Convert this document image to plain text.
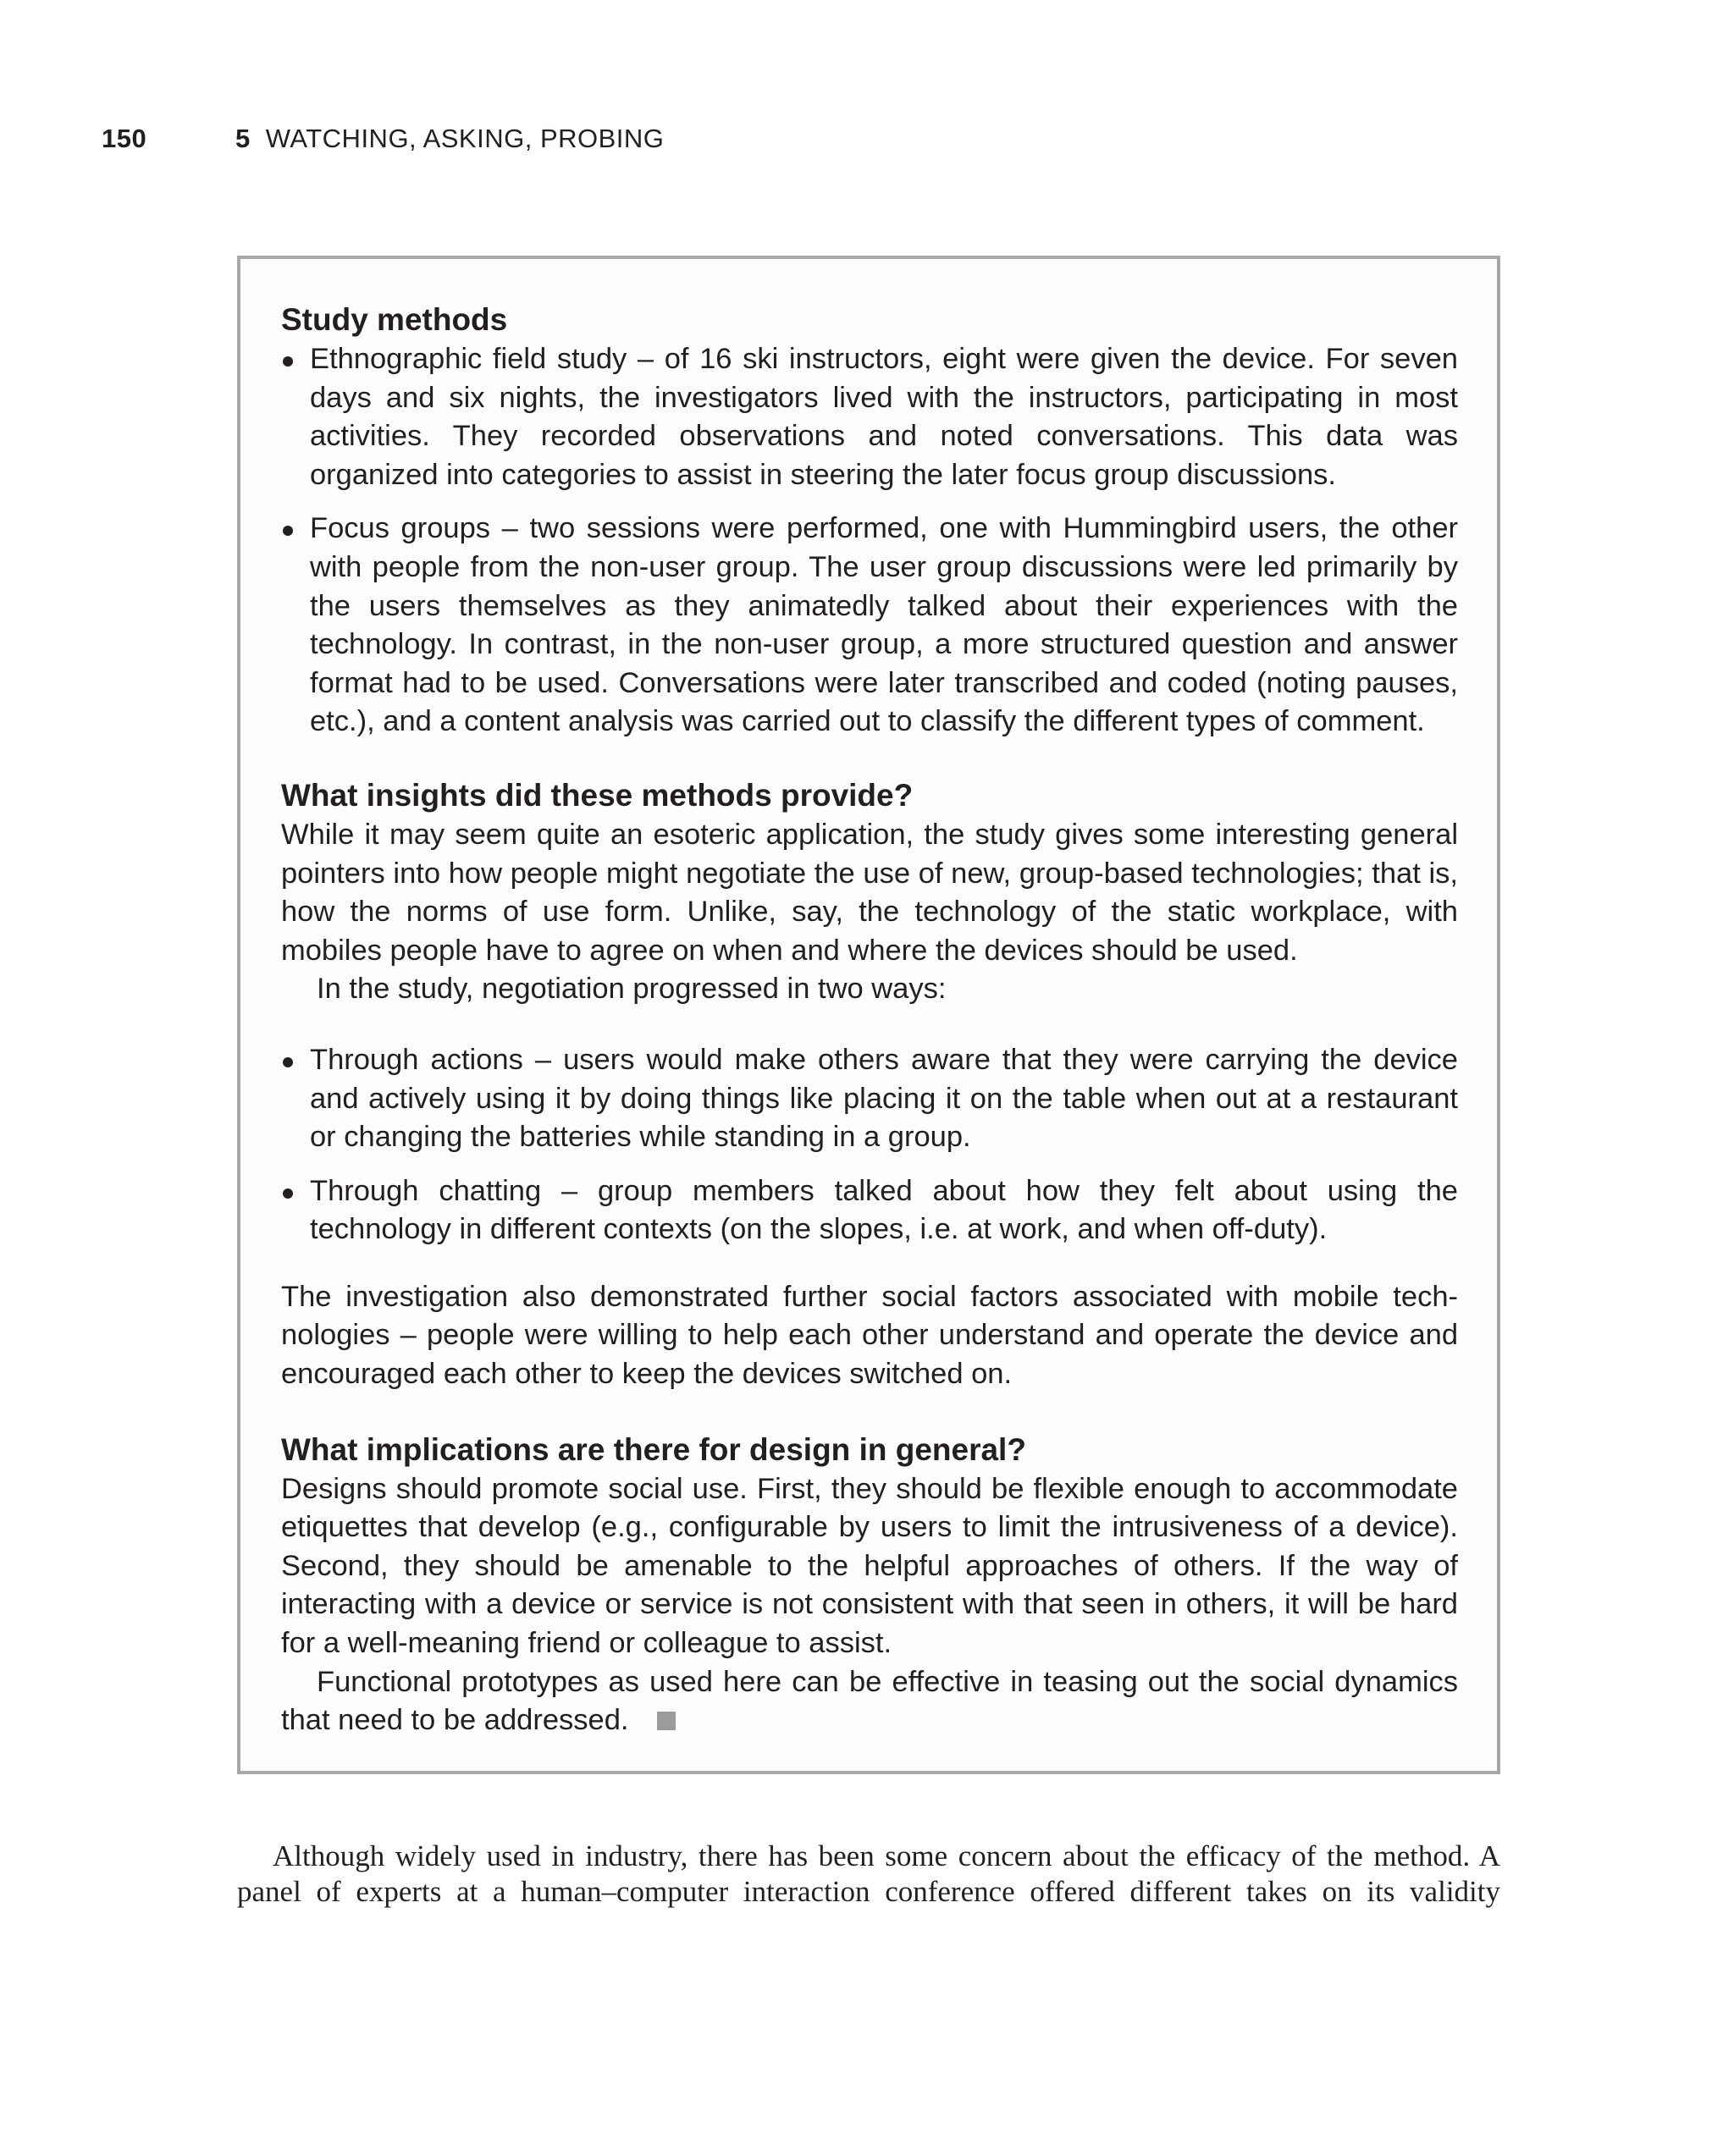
150	5 WATCHING, ASKING, PROBING
Study methods
Ethnographic field study – of 16 ski instructors, eight were given the device. For seven days and six nights, the investigators lived with the instructors, participating in most activities. They recorded observations and noted conversations. This data was organized into categories to assist in steering the later focus group discussions.
Focus groups – two sessions were performed, one with Hummingbird users, the other with people from the non-user group. The user group discussions were led primarily by the users themselves as they animatedly talked about their experiences with the technology. In contrast, in the non-user group, a more structured question and answer format had to be used. Conversations were later transcribed and coded (noting pauses, etc.), and a content analysis was carried out to classify the different types of comment.
What insights did these methods provide?

While it may seem quite an esoteric application, the study gives some interesting general pointers into how people might negotiate the use of new, group-based technologies; that is, how the norms of use form. Unlike, say, the technology of the static workplace, with mobiles people have to agree on when and where the devices should be used.

In the study, negotiation progressed in two ways:

Through actions – users would make others aware that they were carrying the device and actively using it by doing things like placing it on the table when out at a restaurant or changing the batteries while standing in a group.
Through chatting – group members talked about how they felt about using the technology in different contexts (on the slopes, i.e. at work, and when off-duty).

The investigation also demonstrated further social factors associated with mobile tech-nologies – people were willing to help each other understand and operate the device and encouraged each other to keep the devices switched on.

What implications are there for design in general?

Designs should promote social use. First, they should be flexible enough to accommodate etiquettes that develop (e.g., configurable by users to limit the intrusiveness of a device). Second, they should be amenable to the helpful approaches of others. If the way of interacting with a device or service is not consistent with that seen in others, it will be hard for a well-meaning friend or colleague to assist.

Functional prototypes as used here can be effective in teasing out the social dynamics that need to be addressed.

Although widely used in industry, there has been some concern about the efficacy of the method. A panel of experts at a human–computer interaction conference offered different takes on its validity
